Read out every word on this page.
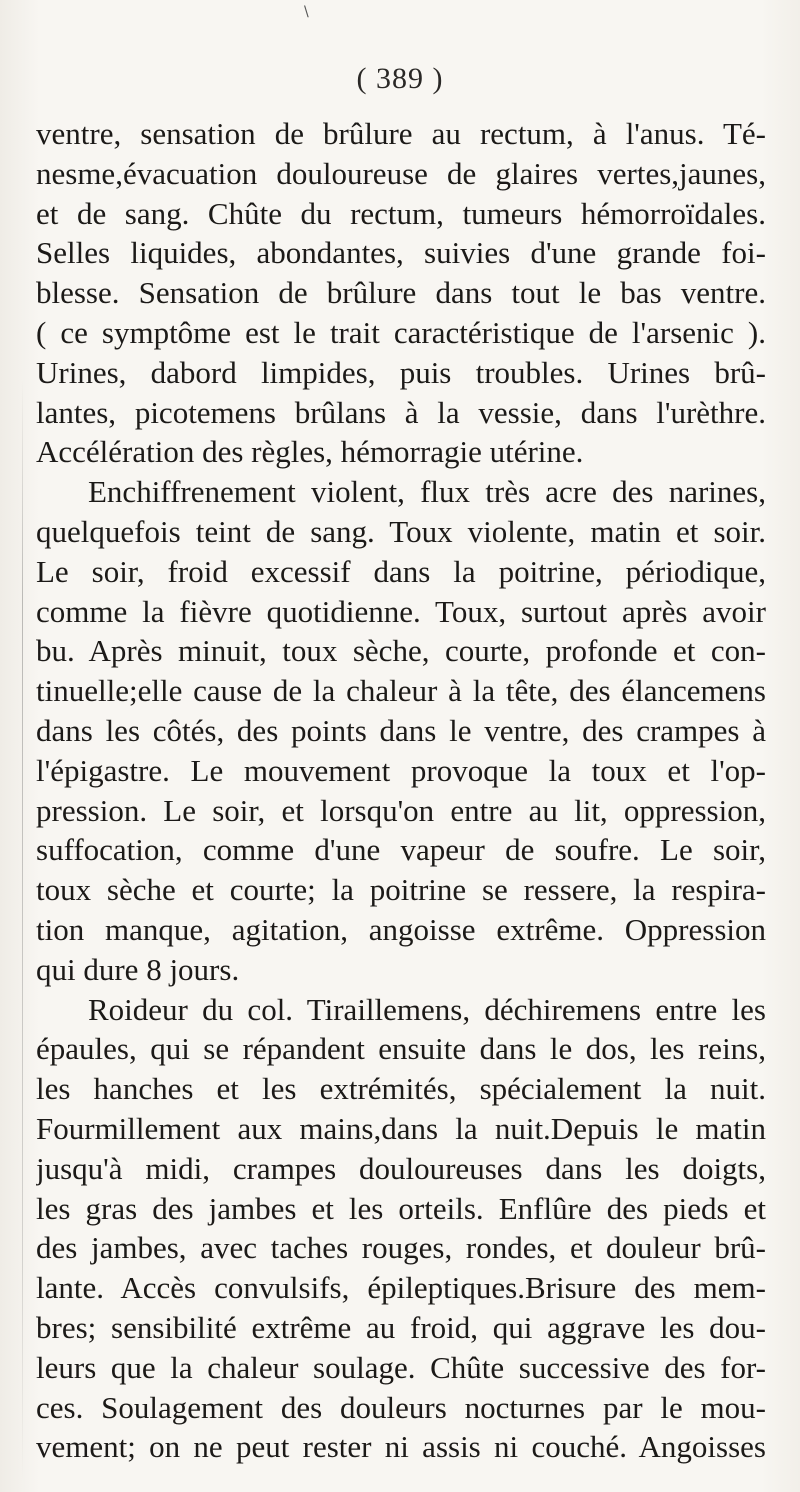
\
( 389 )
ventre, sensation de brûlure au rectum, à l'anus. Té-
nesme,évacuation douloureuse de glaires vertes,jaunes,
et de sang. Chûte du rectum, tumeurs hémorroïdales.
Selles liquides, abondantes, suivies d'une grande foi-
blesse. Sensation de brûlure dans tout le bas ventre.
( ce symptôme est le trait caractéristique de l'arsenic ).
Urines, dabord limpides, puis troubles. Urines brû-
lantes, picotemens brûlans à la vessie, dans l'urèthre.
Accélération des règles, hémorragie utérine.
Enchiffrenement violent, flux très acre des narines,
quelquefois teint de sang. Toux violente, matin et soir.
Le soir, froid excessif dans la poitrine, périodique,
comme la fièvre quotidienne. Toux, surtout après avoir
bu. Après minuit, toux sèche, courte, profonde et con-
tinuelle;elle cause de la chaleur à la tête, des élancemens
dans les côtés, des points dans le ventre, des crampes à
l'épigastre. Le mouvement provoque la toux et l'op-
pression. Le soir, et lorsqu'on entre au lit, oppression,
suffocation, comme d'une vapeur de soufre. Le soir,
toux sèche et courte; la poitrine se ressere, la respira-
tion manque, agitation, angoisse extrême. Oppression
qui dure 8 jours.
Roideur du col. Tiraillemens, déchiremens entre les
épaules, qui se répandent ensuite dans le dos, les reins,
les hanches et les extrémités, spécialement la nuit.
Fourmillement aux mains,dans la nuit.Depuis le matin
jusqu'à midi, crampes douloureuses dans les doigts,
les gras des jambes et les orteils. Enflûre des pieds et
des jambes, avec taches rouges, rondes, et douleur brû-
lante. Accès convulsifs, épileptiques.Brisure des mem-
bres; sensibilité extrême au froid, qui aggrave les dou-
leurs que la chaleur soulage. Chûte successive des for-
ces. Soulagement des douleurs nocturnes par le mou-
vement; on ne peut rester ni assis ni couché. Angoisses
